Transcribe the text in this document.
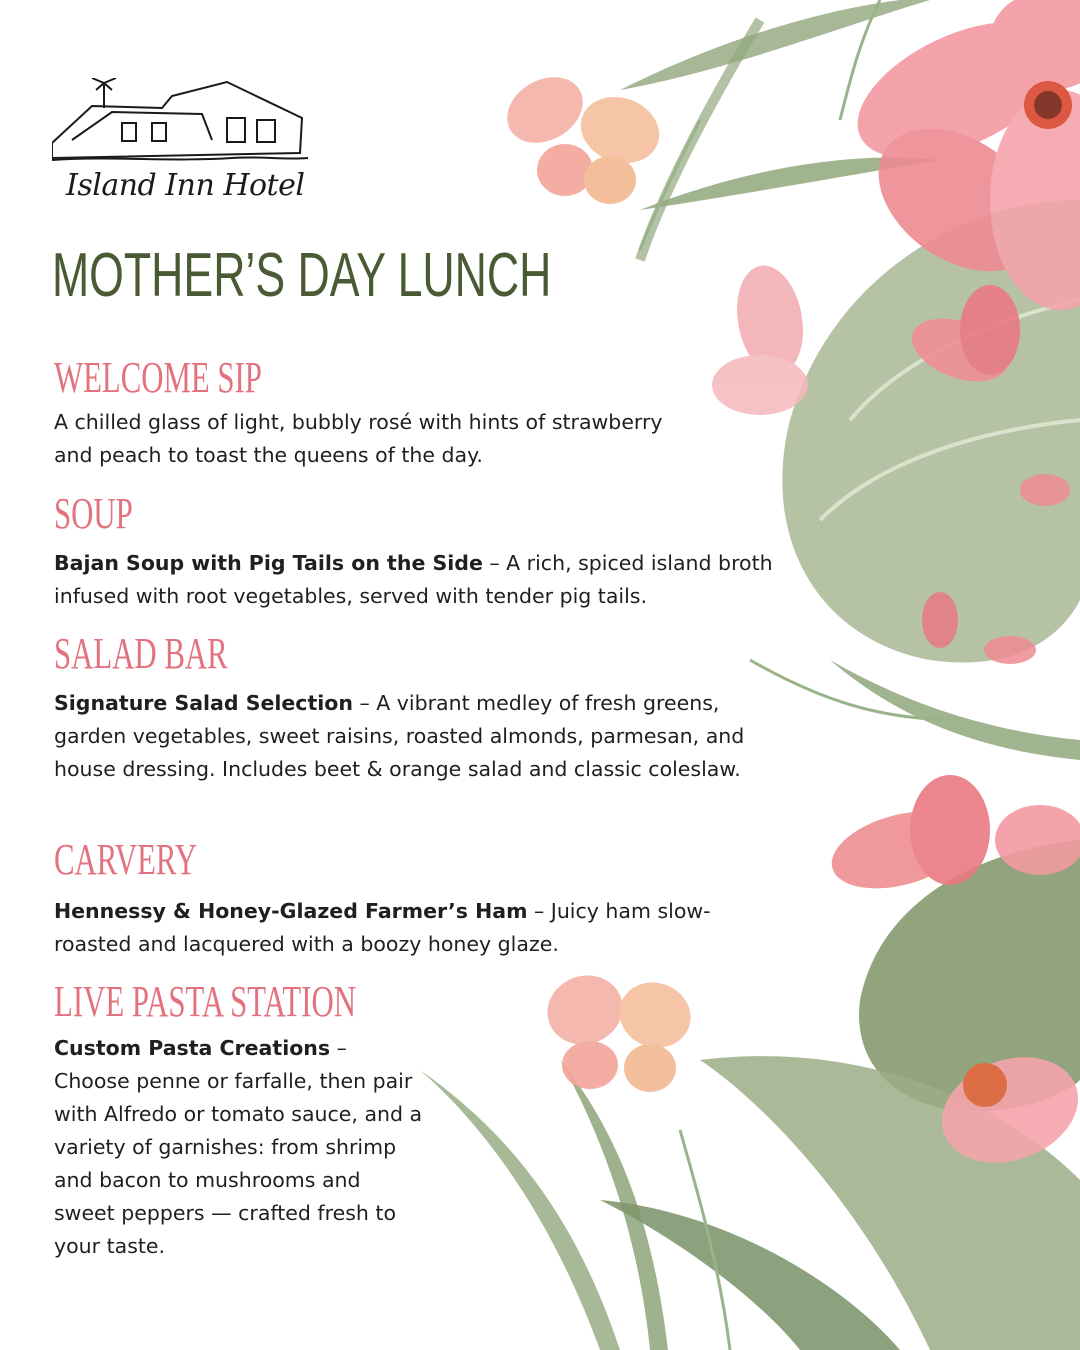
Island Inn Hotel
MOTHER’S DAY LUNCH
WELCOME SIP

A chilled glass of light, bubbly rosé with hints of strawberry and peach to toast the queens of the day.

SOUP

Bajan Soup with Pig Tails on the Side – A rich, spiced island broth infused with root vegetables, served with tender pig tails.

SALAD BAR

Signature Salad Selection – A vibrant medley of fresh greens, garden vegetables, sweet raisins, roasted almonds, parmesan, and house dressing. Includes beet & orange salad and classic coleslaw.

CARVERY

Hennessy & Honey-Glazed Farmer’s Ham – Juicy ham slow-roasted and lacquered with a boozy honey glaze.

LIVE PASTA STATION

Custom Pasta Creations – Choose penne or farfalle, then pair with Alfredo or tomato sauce, and a variety of garnishes: from shrimp and bacon to mushrooms and sweet peppers — crafted fresh to your taste.
